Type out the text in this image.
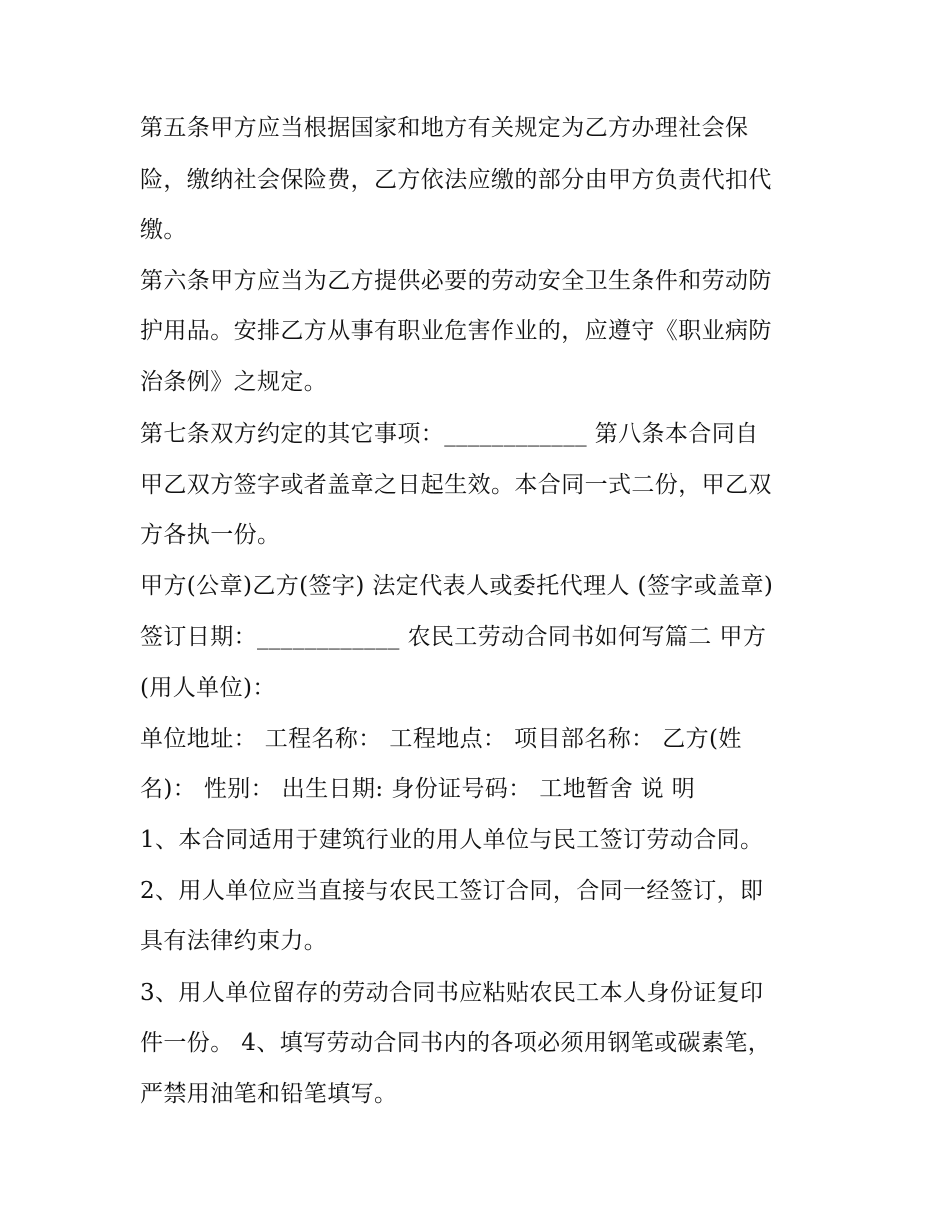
第五条甲方应当根据国家和地方有关规定为乙方办理社会保
险，缴纳社会保险费，乙方依法应缴的部分由甲方负责代扣代
缴。
第六条甲方应当为乙方提供必要的劳动安全卫生条件和劳动防
护用品。安排乙方从事有职业危害作业的，应遵守《职业病防
治条例》之规定。
第七条双方约定的其它事项：____________ 第八条本合同自
甲乙双方签字或者盖章之日起生效。本合同一式二份，甲乙双
方各执一份。
甲方(公章)乙方(签字) 法定代表人或委托代理人 (签字或盖章)
签订日期：____________ 农民工劳动合同书如何写篇二 甲方
(用人单位)：
单位地址： 工程名称： 工程地点： 项目部名称： 乙方(姓
名)： 性别： 出生日期: 身份证号码： 工地暂舍 说 明
1、本合同适用于建筑行业的用人单位与民工签订劳动合同。
2、用人单位应当直接与农民工签订合同，合同一经签订，即
具有法律约束力。
3、用人单位留存的劳动合同书应粘贴农民工本人身份证复印
件一份。 4、填写劳动合同书内的各项必须用钢笔或碳素笔，
严禁用油笔和铅笔填写。
